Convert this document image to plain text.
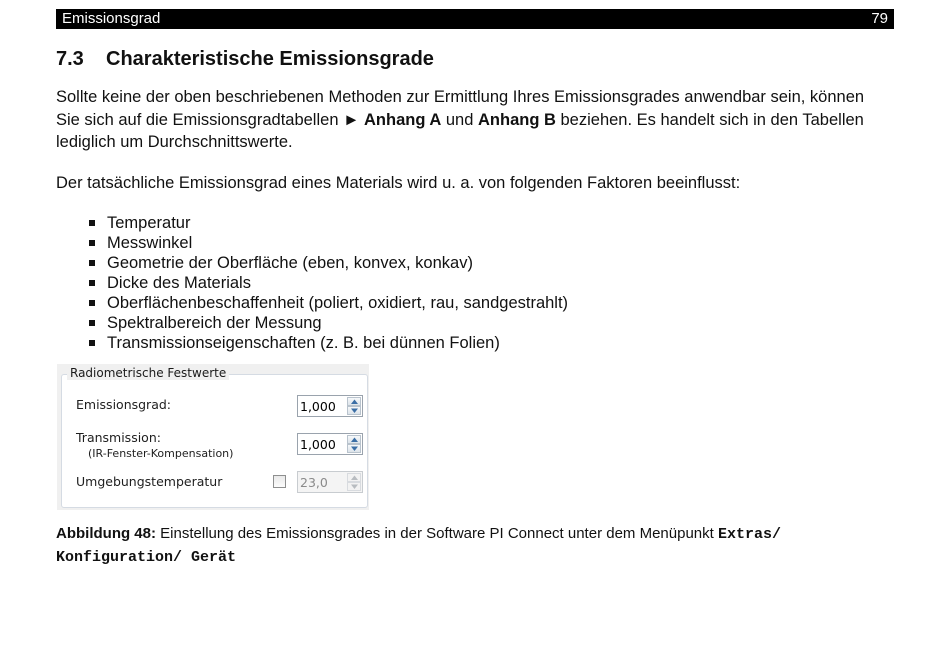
Emissionsgrad	79
7.3 Charakteristische Emissionsgrade
Sollte keine der oben beschriebenen Methoden zur Ermittlung Ihres Emissionsgrades anwendbar sein, können Sie sich auf die Emissionsgradtabellen ► Anhang A und Anhang B beziehen. Es handelt sich in den Tabellen lediglich um Durchschnittswerte.
Der tatsächliche Emissionsgrad eines Materials wird u. a. von folgenden Faktoren beeinflusst:
Temperatur
Messwinkel
Geometrie der Oberfläche (eben, konvex, konkav)
Dicke des Materials
Oberflächenbeschaffenheit (poliert, oxidiert, rau, sandgestrahlt)
Spektralbereich der Messung
Transmissionseigenschaften (z. B. bei dünnen Folien)
Emissionsgrad:
1,000
Transmission:
(IR-Fenster-Kompensation)
1,000
Umgebungstemperatur
23,0
Radiometrische Festwerte
Abbildung 48: Einstellung des Emissionsgrades in der Software PI Connect unter dem Menüpunkt Extras/
Konfiguration/ Gerät
